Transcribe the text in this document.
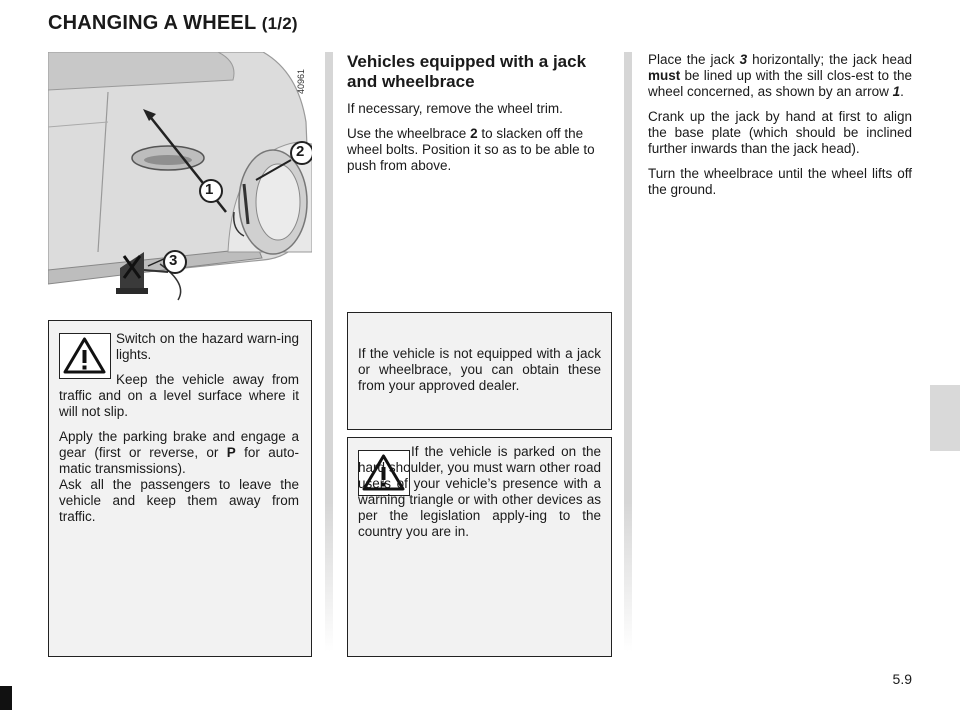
CHANGING A WHEEL (1/2)
1
2
3
40961

Switch on the hazard warn-ing lights.

Keep the vehicle away from traffic and on a level surface where it will not slip.

Apply the parking brake and engage a gear (first or reverse, or P for auto-matic transmissions).

Ask all the passengers to leave the vehicle and keep them away from traffic.

Vehicles equipped with a jack and wheelbrace

If necessary, remove the wheel trim.

Use the wheelbrace 2 to slacken off the wheel bolts. Position it so as to be able to push from above.

If the vehicle is not equipped with a jack or wheelbrace, you can obtain these from your approved dealer.
If the vehicle is parked on the hard shoulder, you must warn other road users of your vehicle’s presence with a warning triangle or with other devices as per the legislation apply-ing to the country you are in.

Place the jack 3 horizontally; the jack head must be lined up with the sill clos-est to the wheel concerned, as shown by an arrow 1.

Crank up the jack by hand at first to align the base plate (which should be inclined further inwards than the jack head).

Turn the wheelbrace until the wheel lifts off the ground.

5.9
